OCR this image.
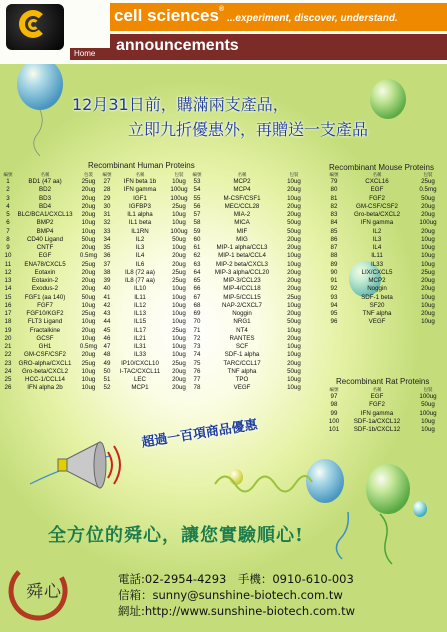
Home
cell sciences®...experiment, discover, understand.
announcements
12月31日前，購滿兩支產品，
立即九折優惠外，再贈送一支產品
Recombinant Human Proteins
編號	名稱	包裝	編號	名稱	包裝	編號	名稱	包裝
1	BD1 (47 aa)	25ug	27	IFN beta 1b	10ug	53	MCP2	10ug
2	BD2	20ug	28	IFN gamma	100ug	54	MCP4	20ug
3	BD3	20ug	29	IGF1	100ug	55	M-CSF/CSF1	10ug
4	BD4	20ug	30	IGFBP3	25ug	56	MEC/CCL28	20ug
5	BLC/BCA1/CXCL13	20ug	31	IL1 alpha	10ug	57	MIA-2	20ug
6	BMP2	10ug	32	IL1 beta	10ug	58	MICA	50ug
7	BMP4	10ug	33	IL1RN	100ug	59	MIF	50ug
8	CD40 Ligand	50ug	34	IL2	50ug	60	MIG	20ug
9	CNTF	20ug	35	IL3	10ug	61	MIP-1 alpha/CCL3	20ug
10	EGF	0.5mg	36	IL4	20ug	62	MIP-1 beta/CCL4	10ug
11	ENA78/CXCL5	25ug	37	IL6	20ug	63	MIP-2 beta/CXCL3	10ug
12	Eotaxin	20ug	38	IL8 (72 aa)	25ug	64	MIP-3 alpha/CCL20	20ug
13	Eotaxin-2	20ug	39	IL8 (77 aa)	25ug	65	MIP-3/CCL23	20ug
14	Exodus-2	20ug	40	IL10	10ug	66	MIP-4/CCL18	20ug
15	FGF1 (aa 140)	50ug	41	IL11	10ug	67	MIP-5/CCL15	25ug
16	FGF7	10ug	42	IL12	10ug	68	NAP-2/CXCL7	10ug
17	FGF10/KGF2	25ug	43	IL13	10ug	69	Noggin	20ug
18	FLT3 Ligand	10ug	44	IL15	10ug	70	NRG1	50ug
19	Fractalkine	20ug	45	IL17	25ug	71	NT4	10ug
20	GCSF	10ug	46	IL21	10ug	72	RANTES	20ug
21	GH1	0.5mg	47	IL31	10ug	73	SCF	10ug
22	GM-CSF/CSF2	20ug	48	IL33	10ug	74	SDF-1 alpha	10ug
23	GRO-alpha/CXCL1	25ug	49	IP10/CXCL10	25ug	75	TARC/CCL17	20ug
24	Gro-beta/CXCL2	10ug	50	I-TAC/CXCL11	20ug	76	TNF alpha	50ug
25	HCC-1/CCL14	10ug	51	LEC	20ug	77	TPO	10ug
26	IFN alpha 2b	10ug	52	MCP1	20ug	78	VEGF	10ug
Recombinant Mouse Proteins
編號	名稱	包裝
79	CXCL16	25ug
80	EGF	0.5mg
81	FGF2	50ug
82	GM-CSF/CSF2	20ug
83	Gro-beta/CXCL2	20ug
84	IFN gamma	100ug
85	IL2	20ug
86	IL3	10ug
87	IL4	10ug
88	IL11	10ug
89	IL33	10ug
90	LIX/CXCL5	25ug
91	MCP2	20ug
92	Noggin	20ug
93	SDF-1 beta	10ug
94	SF20	10ug
95	TNF alpha	20ug
96	VEGF	10ug
Recombinant Rat Proteins
編號	名稱	包裝
97	EGF	100ug
98	FGF2	50ug
99	IFN gamma	100ug
100	SDF-1a/CXCL12	10ug
101	SDF-1b/CXCL12	10ug
超過一百項商品優惠
全方位的舜心，讓您實驗順心!
舜心
電話:02-2954-4293　手機：0910-610-003
信箱：sunny@sunshine-biotech.com.tw
網址:http://www.sunshine-biotech.com.tw
